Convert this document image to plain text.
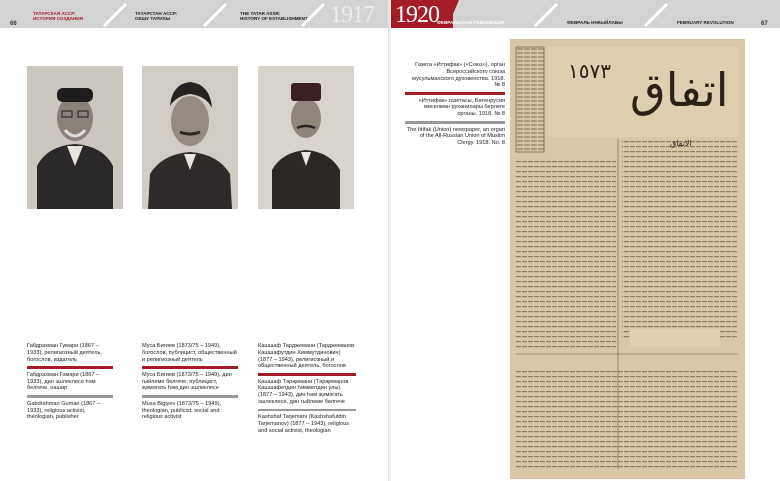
66
ТАТАРСКАЯ АССР:
ИСТОРИЯ СОЗДАНИЯ
ТАТАРСТАН АССР:
ОЕШУ ТАРИХЫ
THE TATAR ASSR:
HISTORY OF ESTABLISHMENT 1917
Габдрахман Гумари (1867 – 1933), религиозный деятель, богослов, издатель
Габдрахман Гомәри (1867 – 1933), дин эшлеклесе һәм белгече, нашир
Gabdrahman Gumari (1867 – 1933), religious activist, theologian, publisher
Муса Бигиев (1873/75 – 1949), богослов, публицист, общественный и религиозный деятель
Муса Бигиев (1873/75 – 1949), дин гыйлеме белгече, публицист, җәмәгать һәм дин эшлеклесе
Musa Bigiyev (1873/75 – 1949), theologian, publicist, social and religious activist
Кашшаф Тарджемани (Тарджеманов Кашшафутдин Химмутдинович) (1877 – 1943), религиозный и общественный деятель, богослов
Кашшаф Тәрҗемани (Тәрҗеманов Кашшафетдин Һиммәтдин улы) (1877 – 1943), дин һәм җәмәгать эшлеклесе, дин гыйлеме белгече
Kashshaf Tarjemani (Kashshafutdin Tarjemanov) (1877 – 1943), religious and social activist, theologian
1920
ФЕВРАЛЬСКАЯ РЕВОЛЮЦИЯ	ФЕВРАЛЬ ИНКЫЙЛАБЫ	FEBRUARY REVOLUTION	67
Газета «Иттифак» («Союз»), орган Всероссийского союза мусульманского духовенства. 1918. № 8
«Иттифак» газетасы, Бөтенрусия мөселман руханилары берлеге органы. 1918. № 8
The Ittifak (Union) newspaper, an organ of the All-Russian Union of Muslim Clergy. 1918. No. 8
اتفاق
١٥٧٣
الاتفاق
